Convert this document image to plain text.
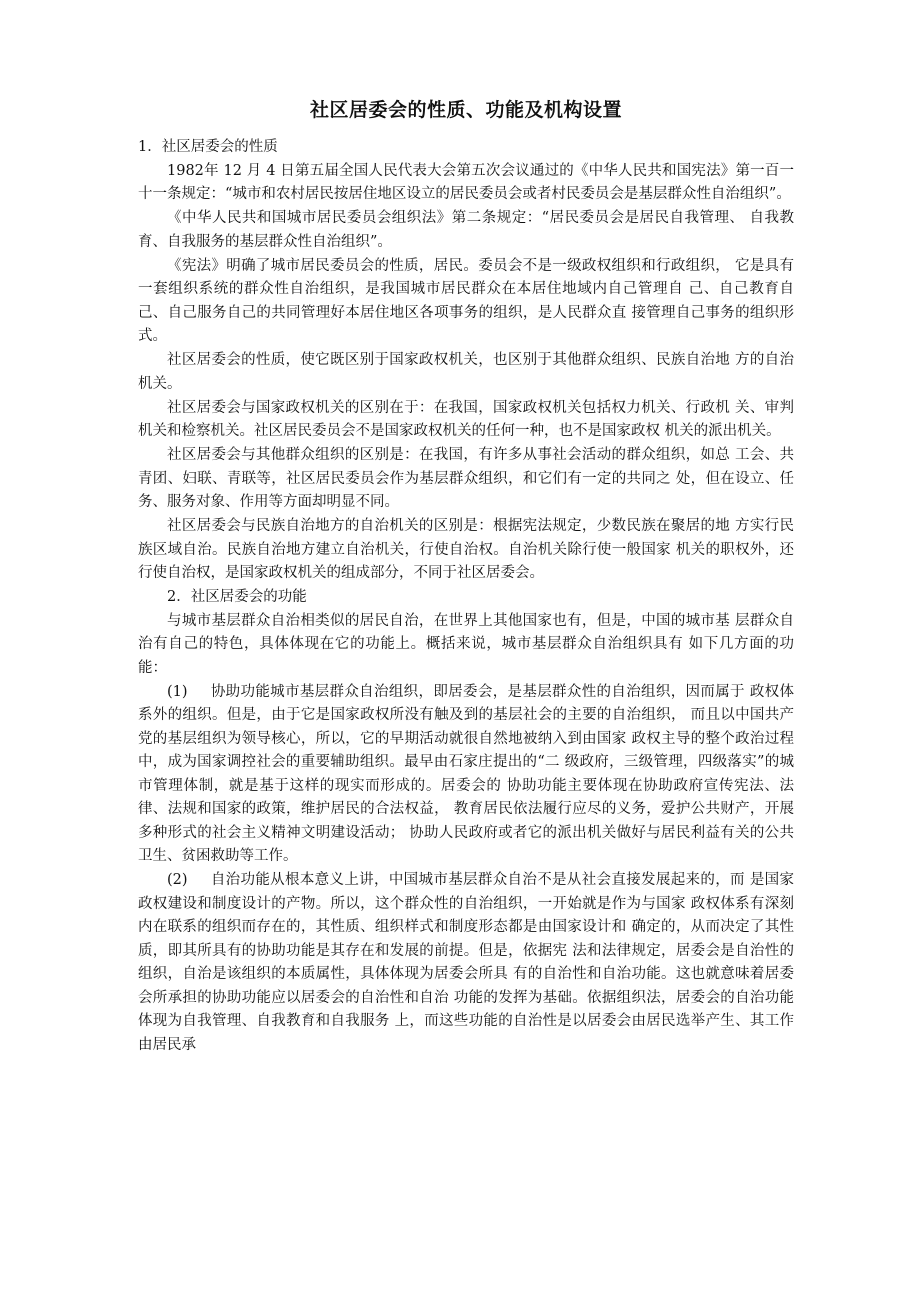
社区居委会的性质、功能及机构设置

1．社区居委会的性质

1982年 12 月 4 日第五届全国人民代表大会第五次会议通过的《中华人民共和国宪法》第一百一十一条规定：“城市和农村居民按居住地区设立的居民委员会或者村民委员会是基层群众性自治组织”。

《中华人民共和国城市居民委员会组织法》第二条规定：“居民委员会是居民自我管理、 自我教育、自我服务的基层群众性自治组织”。

《宪法》明确了城市居民委员会的性质，居民。委员会不是一级政权组织和行政组织， 它是具有一套组织系统的群众性自治组织，是我国城市居民群众在本居住地域内自己管理自 己、自己教育自己、自己服务自己的共同管理好本居住地区各项事务的组织，是人民群众直 接管理自己事务的组织形式。

社区居委会的性质，使它既区别于国家政权机关，也区别于其他群众组织、民族自治地 方的自治机关。

社区居委会与国家政权机关的区别在于：在我国，国家政权机关包括权力机关、行政机 关、审判机关和检察机关。社区居民委员会不是国家政权机关的任何一种，也不是国家政权 机关的派出机关。

社区居委会与其他群众组织的区别是：在我国，有许多从事社会活动的群众组织，如总 工会、共青团、妇联、青联等，社区居民委员会作为基层群众组织，和它们有一定的共同之 处，但在设立、任务、服务对象、作用等方面却明显不同。

社区居委会与民族自治地方的自治机关的区别是：根据宪法规定，少数民族在聚居的地 方实行民族区域自治。民族自治地方建立自治机关，行使自治权。自治机关除行使一般国家 机关的职权外，还行使自治权，是国家政权机关的组成部分，不同于社区居委会。

2．社区居委会的功能

与城市基层群众自治相类似的居民自治，在世界上其他国家也有，但是，中国的城市基 层群众自治有自己的特色，具体体现在它的功能上。概括来说，城市基层群众自治组织具有 如下几方面的功能：

(1) 协助功能城市基层群众自治组织，即居委会，是基层群众性的自治组织，因而属于 政权体系外的组织。但是，由于它是国家政权所没有触及到的基层社会的主要的自治组织， 而且以中国共产党的基层组织为领导核心，所以，它的早期活动就很自然地被纳入到由国家 政权主导的整个政治过程中，成为国家调控社会的重要辅助组织。最早由石家庄提出的“二 级政府，三级管理，四级落实”的城市管理体制，就是基于这样的现实而形成的。居委会的 协助功能主要体现在协助政府宣传宪法、法律、法规和国家的政策，维护居民的合法权益， 教育居民依法履行应尽的义务，爱护公共财产，开展多种形式的社会主义精神文明建设活动； 协助人民政府或者它的派出机关做好与居民利益有关的公共卫生、贫困救助等工作。

(2) 自治功能从根本意义上讲，中国城市基层群众自治不是从社会直接发展起来的，而 是国家政权建设和制度设计的产物。所以，这个群众性的自治组织，一开始就是作为与国家 政权体系有深刻内在联系的组织而存在的，其性质、组织样式和制度形态都是由国家设计和 确定的，从而决定了其性质，即其所具有的协助功能是其存在和发展的前提。但是，依据宪 法和法律规定，居委会是自治性的组织，自治是该组织的本质属性，具体体现为居委会所具 有的自治性和自治功能。这也就意味着居委会所承担的协助功能应以居委会的自治性和自治 功能的发挥为基础。依据组织法，居委会的自治功能体现为自我管理、自我教育和自我服务 上，而这些功能的自治性是以居委会由居民选举产生、其工作由居民承
